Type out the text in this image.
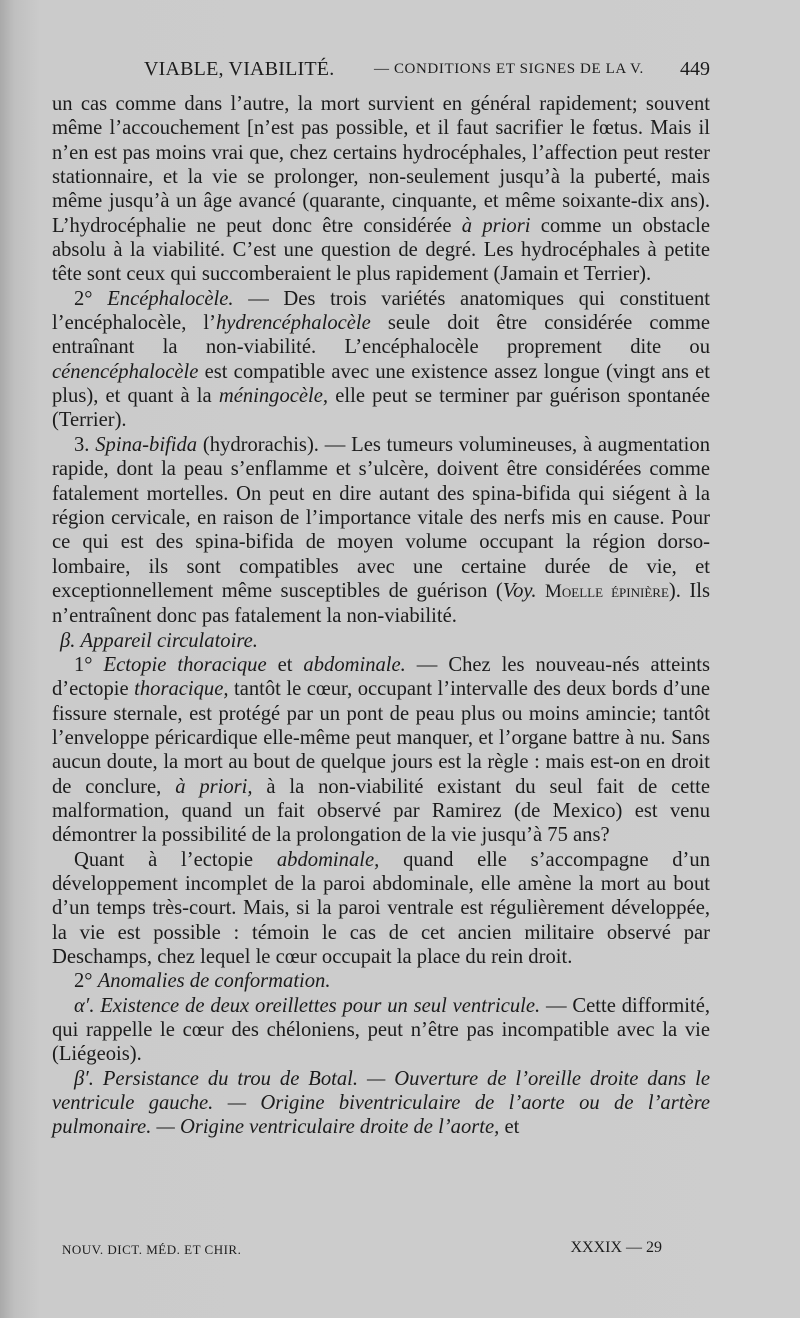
VIABLE, VIABILITÉ.	— CONDITIONS ET SIGNES DE LA V. 449

un cas comme dans l’autre, la mort survient en général rapidement; souvent même l’accouchement [n’est pas possible, et il faut sacrifier le fœtus. Mais il n’en est pas moins vrai que, chez certains hydrocéphales, l’affection peut rester stationnaire, et la vie se prolonger, non-seulement jusqu’à la puberté, mais même jusqu’à un âge avancé (quarante, cinquante, et même soixante-dix ans). L’hydrocéphalie ne peut donc être considérée à priori comme un obstacle absolu à la viabilité. C’est une question de degré. Les hydrocéphales à petite tête sont ceux qui succomberaient le plus rapidement (Jamain et Terrier).

2° Encéphalocèle. — Des trois variétés anatomiques qui constituent l’encéphalocèle, l’hydrencéphalocèle seule doit être considérée comme entraînant la non-viabilité. L’encéphalocèle proprement dite ou cénencéphalocèle est compatible avec une existence assez longue (vingt ans et plus), et quant à la méningocèle, elle peut se terminer par guérison spontanée (Terrier).

3. Spina-bifida (hydrorachis). — Les tumeurs volumineuses, à augmentation rapide, dont la peau s’enflamme et s’ulcère, doivent être considérées comme fatalement mortelles. On peut en dire autant des spina-bifida qui siégent à la région cervicale, en raison de l’importance vitale des nerfs mis en cause. Pour ce qui est des spina-bifida de moyen volume occupant la région dorso-lombaire, ils sont compatibles avec une certaine durée de vie, et exceptionnellement même susceptibles de guérison (Voy. Moelle épinière). Ils n’entraînent donc pas fatalement la non-viabilité.

β. Appareil circulatoire.

1° Ectopie thoracique et abdominale. — Chez les nouveau-nés atteints d’ectopie thoracique, tantôt le cœur, occupant l’intervalle des deux bords d’une fissure sternale, est protégé par un pont de peau plus ou moins amincie; tantôt l’enveloppe péricardique elle-même peut manquer, et l’organe battre à nu. Sans aucun doute, la mort au bout de quelque jours est la règle : mais est-on en droit de conclure, à priori, à la non-viabilité existant du seul fait de cette malformation, quand un fait observé par Ramirez (de Mexico) est venu démontrer la possibilité de la prolongation de la vie jusqu’à 75 ans?

Quant à l’ectopie abdominale, quand elle s’accompagne d’un développement incomplet de la paroi abdominale, elle amène la mort au bout d’un temps très-court. Mais, si la paroi ventrale est régulièrement développée, la vie est possible : témoin le cas de cet ancien militaire observé par Deschamps, chez lequel le cœur occupait la place du rein droit.

2° Anomalies de conformation.

α′. Existence de deux oreillettes pour un seul ventricule. — Cette difformité, qui rappelle le cœur des chéloniens, peut n’être pas incompatible avec la vie (Liégeois).

β′. Persistance du trou de Botal. — Ouverture de l’oreille droite dans le ventricule gauche. — Origine biventriculaire de l’aorte ou de l’artère pulmonaire. — Origine ventriculaire droite de l’aorte, et

NOUV. DICT. MÉD. ET CHIR.	XXXIX — 29
